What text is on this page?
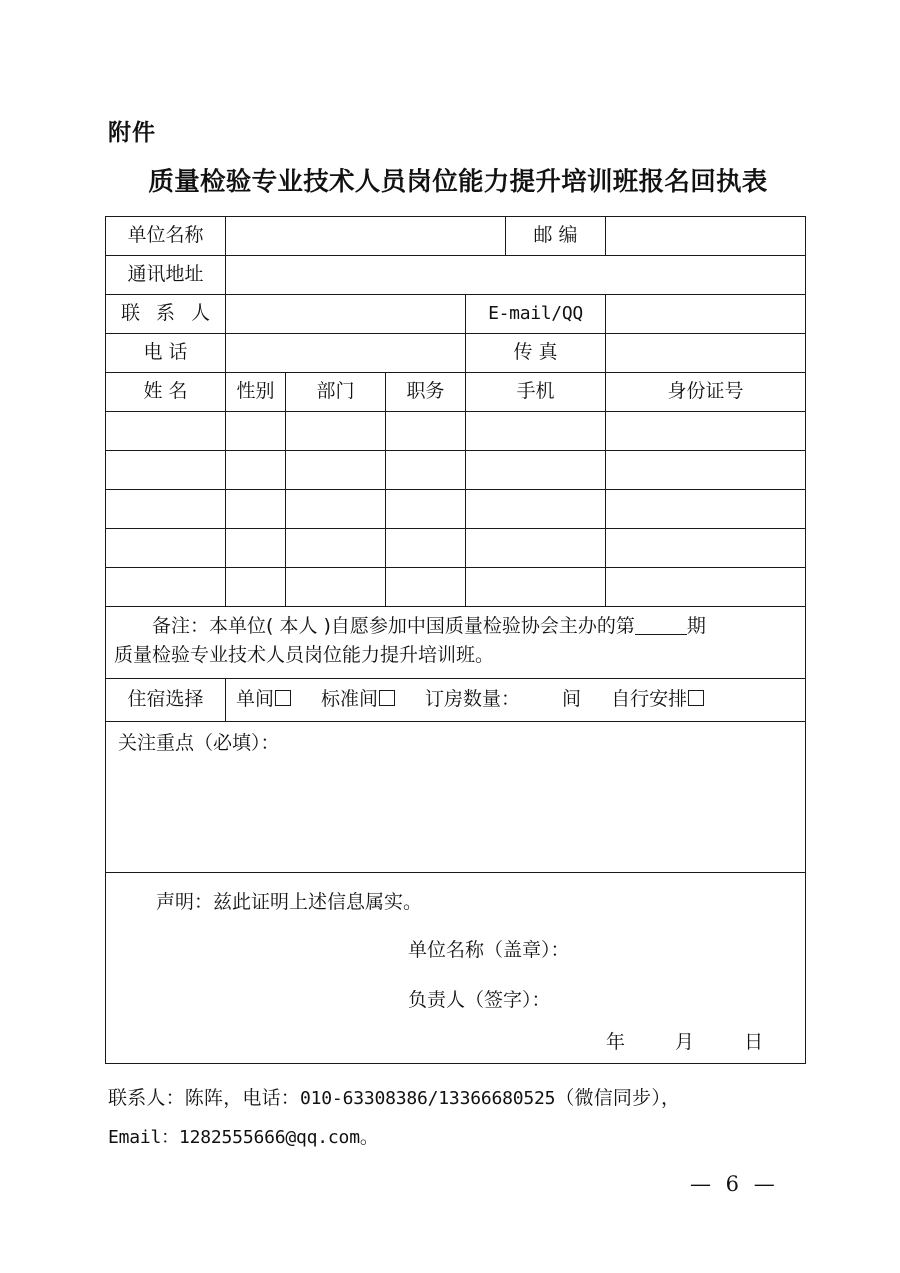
附件
质量检验专业技术人员岗位能力提升培训班报名回执表
单位名称					邮 编	
通讯地址						
联 系 人				E-mail/QQ		
电 话				传 真		
姓 名	性别	部门	职务	手机		身份证号

备注：本单位( 本人 )自愿参加中国质量检验协会主办的第 期
质量检验专业技术人员岗位能力提升培训班。						
住宿选择	单间 标准间 订房数量： 间 自行安排					
关注重点（必填）：						

声明：兹此证明上述信息属实。
单位名称（盖章）：
负责人（签字）：
年 月 日						
联系人：陈阵，电话：010-63308386/13366680525（微信同步），
Email：1282555666@qq.com。
— 6 —
